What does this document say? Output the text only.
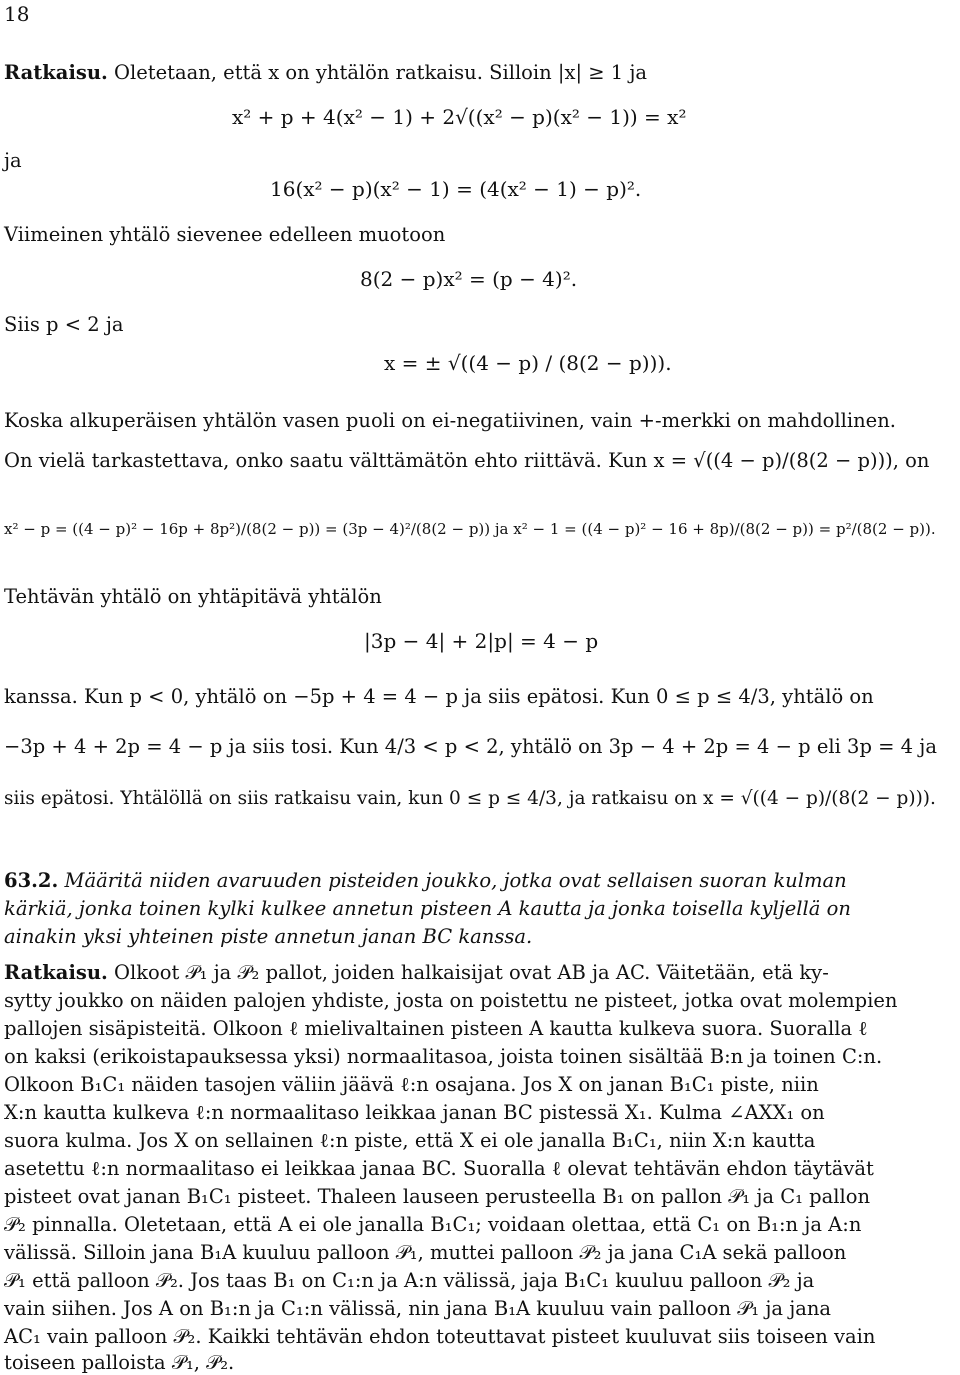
18
Ratkaisu. Oletetaan, että x on yhtälön ratkaisu. Silloin |x| ≥ 1 ja
x² + p + 4(x² − 1) + 2√((x² − p)(x² − 1)) = x²
ja
16(x² − p)(x² − 1) = (4(x² − 1) − p)².
Viimeinen yhtälö sievenee edelleen muotoon
8(2 − p)x² = (p − 4)².
Siis p < 2 ja
x = ± √((4 − p) / (8(2 − p))).
Koska alkuperäisen yhtälön vasen puoli on ei-negatiivinen, vain +-merkki on mahdollinen.
On vielä tarkastettava, onko saatu välttämätön ehto riittävä. Kun x = √((4 − p)/(8(2 − p))), on
x² − p = ((4 − p)² − 16p + 8p²)/(8(2 − p)) = (3p − 4)²/(8(2 − p)) ja x² − 1 = ((4 − p)² − 16 + 8p)/(8(2 − p)) = p²/(8(2 − p)).
Tehtävän yhtälö on yhtäpitävä yhtälön
|3p − 4| + 2|p| = 4 − p
kanssa. Kun p < 0, yhtälö on −5p + 4 = 4 − p ja siis epätosi. Kun 0 ≤ p ≤ 4/3, yhtälö on
−3p + 4 + 2p = 4 − p ja siis tosi. Kun 4/3 < p < 2, yhtälö on 3p − 4 + 2p = 4 − p eli 3p = 4 ja
siis epätosi. Yhtälöllä on siis ratkaisu vain, kun 0 ≤ p ≤ 4/3, ja ratkaisu on x = √((4 − p)/(8(2 − p))).
63.2. Määritä niiden avaruuden pisteiden joukko, jotka ovat sellaisen suoran kulman
kärkiä, jonka toinen kylki kulkee annetun pisteen A kautta ja jonka toisella kyljellä on
ainakin yksi yhteinen piste annetun janan BC kanssa.
Ratkaisu. Olkoot 𝒫₁ ja 𝒫₂ pallot, joiden halkaisijat ovat AB ja AC. Väitetään, etä ky-
sytty joukko on näiden palojen yhdiste, josta on poistettu ne pisteet, jotka ovat molempien
pallojen sisäpisteitä. Olkoon ℓ mielivaltainen pisteen A kautta kulkeva suora. Suoralla ℓ
on kaksi (erikoistapauksessa yksi) normaalitasoa, joista toinen sisältää B:n ja toinen C:n.
Olkoon B₁C₁ näiden tasojen väliin jäävä ℓ:n osajana. Jos X on janan B₁C₁ piste, niin
X:n kautta kulkeva ℓ:n normaalitaso leikkaa janan BC pistessä X₁. Kulma ∠AXX₁ on
suora kulma. Jos X on sellainen ℓ:n piste, että X ei ole janalla B₁C₁, niin X:n kautta
asetettu ℓ:n normaalitaso ei leikkaa janaa BC. Suoralla ℓ olevat tehtävän ehdon täytävät
pisteet ovat janan B₁C₁ pisteet. Thaleen lauseen perusteella B₁ on pallon 𝒫₁ ja C₁ pallon
𝒫₂ pinnalla. Oletetaan, että A ei ole janalla B₁C₁; voidaan olettaa, että C₁ on B₁:n ja A:n
välissä. Silloin jana B₁A kuuluu palloon 𝒫₁, muttei palloon 𝒫₂ ja jana C₁A sekä palloon
𝒫₁ että palloon 𝒫₂. Jos taas B₁ on C₁:n ja A:n välissä, jaja B₁C₁ kuuluu palloon 𝒫₂ ja
vain siihen. Jos A on B₁:n ja C₁:n välissä, nin jana B₁A kuuluu vain palloon 𝒫₁ ja jana
AC₁ vain palloon 𝒫₂. Kaikki tehtävän ehdon toteuttavat pisteet kuuluvat siis toiseen vain
toiseen palloista 𝒫₁, 𝒫₂.
